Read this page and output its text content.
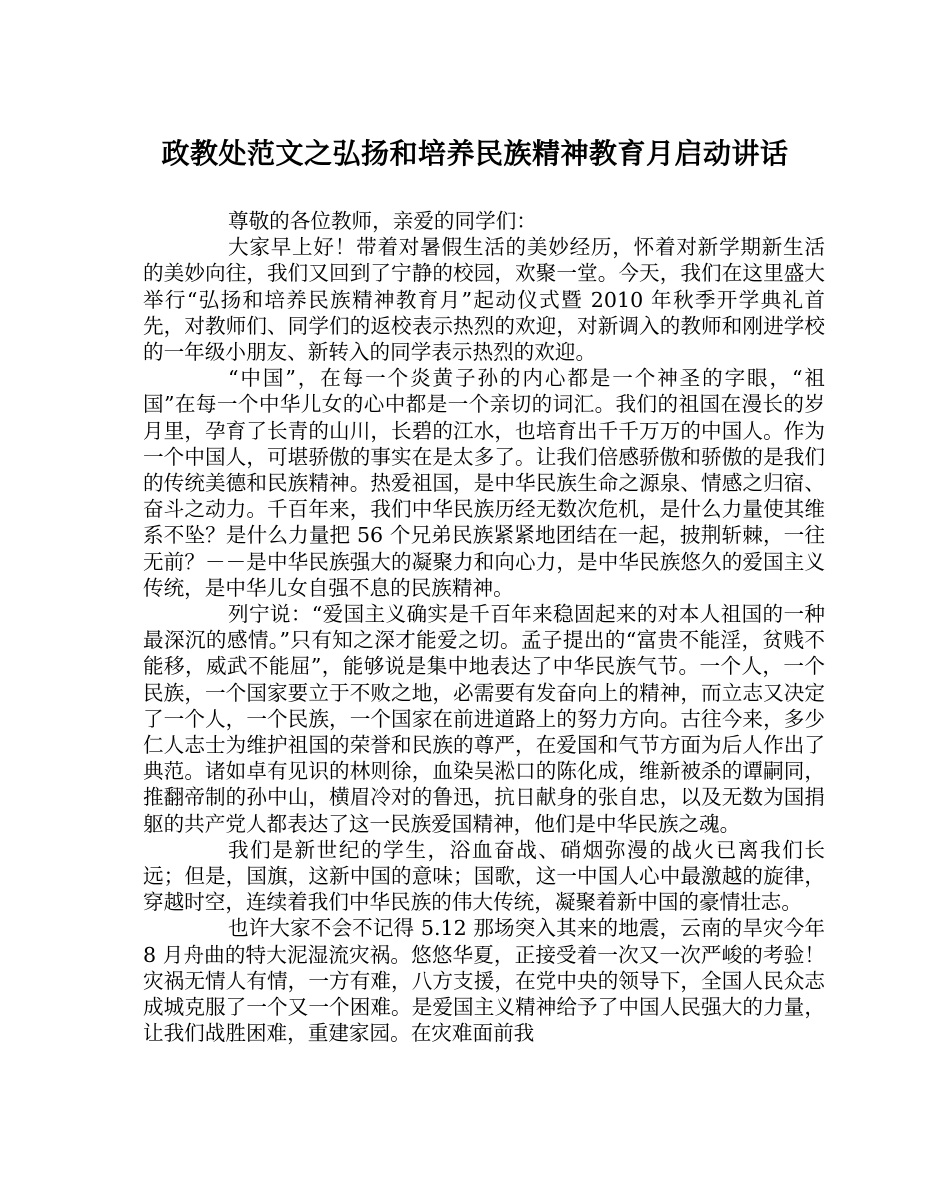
政教处范文之弘扬和培养民族精神教育月启动讲话

尊敬的各位教师，亲爱的同学们：

大家早上好！带着对暑假生活的美妙经历，怀着对新学期新生活的美妙向往，我们又回到了宁静的校园，欢聚一堂。今天，我们在这里盛大举行“弘扬和培养民族精神教育月”起动仪式暨 2010 年秋季开学典礼首先，对教师们、同学们的返校表示热烈的欢迎，对新调入的教师和刚进学校的一年级小朋友、新转入的同学表示热烈的欢迎。

“中国”，在每一个炎黄子孙的内心都是一个神圣的字眼，“祖国”在每一个中华儿女的心中都是一个亲切的词汇。我们的祖国在漫长的岁月里，孕育了长青的山川，长碧的江水，也培育出千千万万的中国人。作为一个中国人，可堪骄傲的事实在是太多了。让我们倍感骄傲和骄傲的是我们的传统美德和民族精神。热爱祖国，是中华民族生命之源泉、情感之归宿、奋斗之动力。千百年来，我们中华民族历经无数次危机，是什么力量使其维系不坠？是什么力量把 56 个兄弟民族紧紧地团结在一起，披荆斩棘，一往无前？－－是中华民族强大的凝聚力和向心力，是中华民族悠久的爱国主义传统，是中华儿女自强不息的民族精神。

列宁说：“爱国主义确实是千百年来稳固起来的对本人祖国的一种最深沉的感情。”只有知之深才能爱之切。孟子提出的“富贵不能淫，贫贱不能移，威武不能屈”，能够说是集中地表达了中华民族气节。一个人，一个民族，一个国家要立于不败之地，必需要有发奋向上的精神，而立志又决定了一个人，一个民族，一个国家在前进道路上的努力方向。古往今来，多少仁人志士为维护祖国的荣誉和民族的尊严，在爱国和气节方面为后人作出了典范。诸如卓有见识的林则徐，血染吴淞口的陈化成，维新被杀的谭嗣同，推翻帝制的孙中山，横眉冷对的鲁迅，抗日献身的张自忠，以及无数为国捐躯的共产党人都表达了这一民族爱国精神，他们是中华民族之魂。

我们是新世纪的学生，浴血奋战、硝烟弥漫的战火已离我们长远；但是，国旗，这新中国的意味；国歌，这一中国人心中最激越的旋律，穿越时空，连续着我们中华民族的伟大传统，凝聚着新中国的豪情壮志。

也许大家不会不记得 5.12 那场突入其来的地震，云南的旱灾今年 8 月舟曲的特大泥湿流灾祸。悠悠华夏，正接受着一次又一次严峻的考验！灾祸无情人有情，一方有难，八方支援，在党中央的领导下，全国人民众志成城克服了一个又一个困难。是爱国主义精神给予了中国人民强大的力量，让我们战胜困难，重建家园。在灾难面前我
